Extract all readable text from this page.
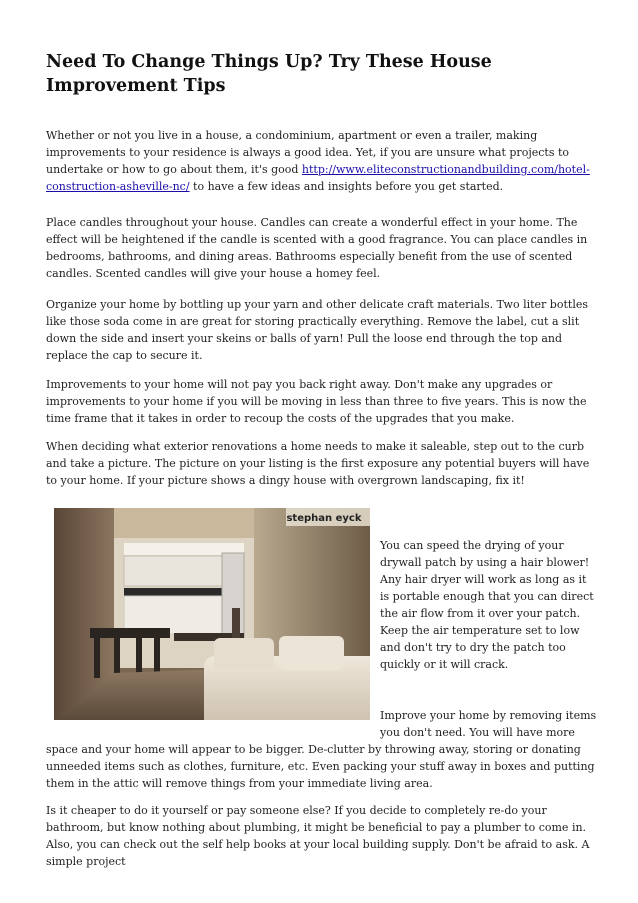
Need To Change Things Up? Try These House Improvement Tips

Whether or not you live in a house, a condominium, apartment or even a trailer, making improvements to your residence is always a good idea. Yet, if you are unsure what projects to undertake or how to go about them, it's good http://www.eliteconstructionandbuilding.com/hotel-construction-asheville-nc/ to have a few ideas and insights before you get started.

Place candles throughout your house. Candles can create a wonderful effect in your home. The effect will be heightened if the candle is scented with a good fragrance. You can place candles in bedrooms, bathrooms, and dining areas. Bathrooms especially benefit from the use of scented candles. Scented candles will give your house a homey feel.

Organize your home by bottling up your yarn and other delicate craft materials. Two liter bottles like those soda come in are great for storing practically everything. Remove the label, cut a slit down the side and insert your skeins or balls of yarn! Pull the loose end through the top and replace the cap to secure it.

Improvements to your home will not pay you back right away. Don't make any upgrades or improvements to your home if you will be moving in less than three to five years. This is now the time frame that it takes in order to recoup the costs of the upgrades that you make.

When deciding what exterior renovations a home needs to make it saleable, step out to the curb and take a picture. The picture on your listing is the first exposure any potential buyers will have to your home. If your picture shows a dingy house with overgrown landscaping, fix it!

stephan eyck

You can speed the drying of your drywall patch by using a hair blower! Any hair dryer will work as long as it is portable enough that you can direct the air flow from it over your patch. Keep the air temperature set to low and don't try to dry the patch too quickly or it will crack.

Improve your home by removing items you don't need. You will have more

space and your home will appear to be bigger. De-clutter by throwing away, storing or donating unneeded items such as clothes, furniture, etc. Even packing your stuff away in boxes and putting them in the attic will remove things from your immediate living area.

Is it cheaper to do it yourself or pay someone else? If you decide to completely re-do your bathroom, but know nothing about plumbing, it might be beneficial to pay a plumber to come in. Also, you can check out the self help books at your local building supply. Don't be afraid to ask. A simple project
